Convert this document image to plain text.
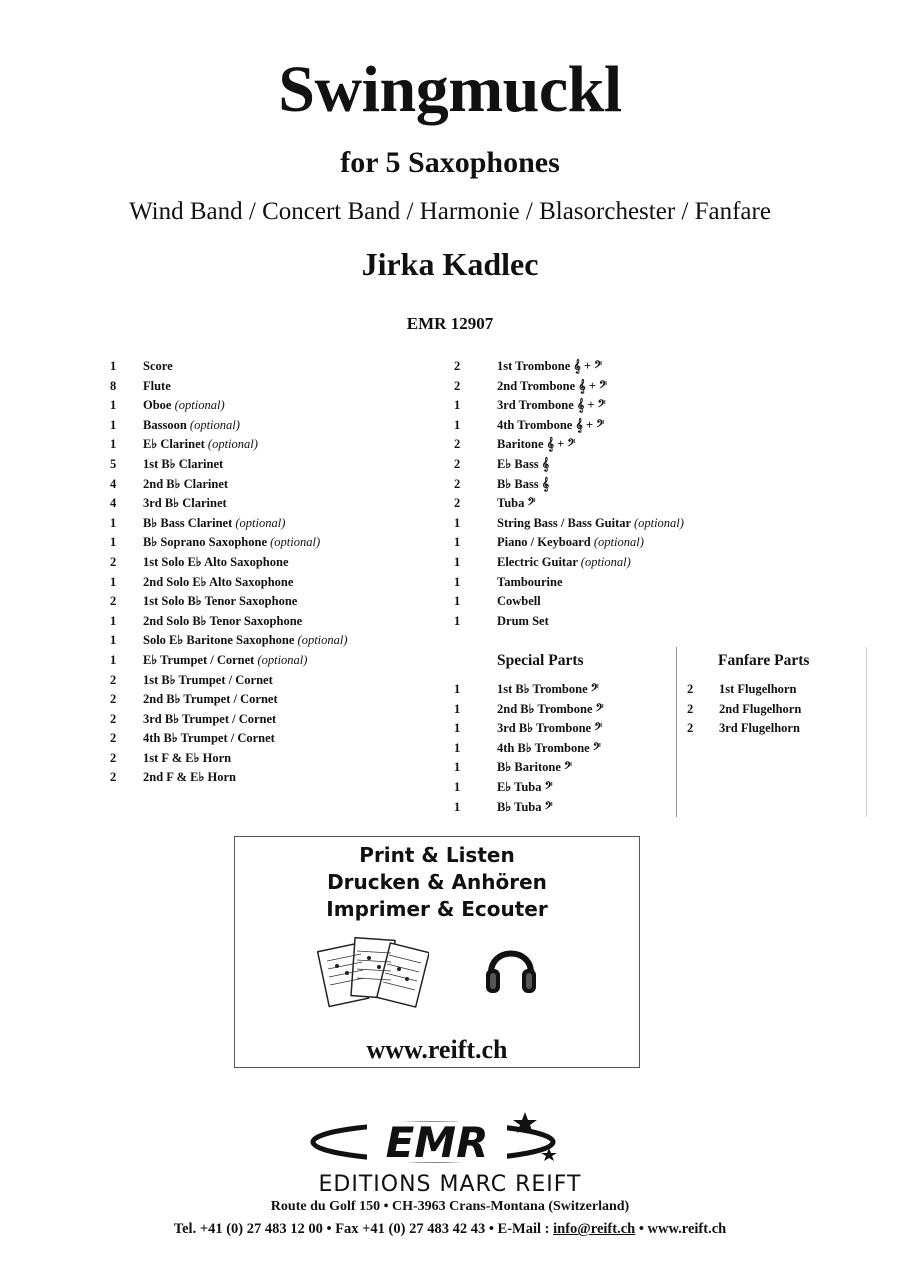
Swingmuckl
for 5 Saxophones
Wind Band / Concert Band / Harmonie / Blasorchester / Fanfare
Jirka Kadlec
EMR 12907
1 Score
8 Flute
1 Oboe (optional)
1 Bassoon (optional)
1 E♭ Clarinet (optional)
5 1st B♭ Clarinet
4 2nd B♭ Clarinet
4 3rd B♭ Clarinet
1 B♭ Bass Clarinet (optional)
1 B♭ Soprano Saxophone (optional)
2 1st Solo E♭ Alto Saxophone
1 2nd Solo E♭ Alto Saxophone
2 1st Solo B♭ Tenor Saxophone
1 2nd Solo B♭ Tenor Saxophone
1 Solo E♭ Baritone Saxophone (optional)
1 E♭ Trumpet / Cornet (optional)
2 1st B♭ Trumpet / Cornet
2 2nd B♭ Trumpet / Cornet
2 3rd B♭ Trumpet / Cornet
2 4th B♭ Trumpet / Cornet
2 1st F & E♭ Horn
2 2nd F & E♭ Horn
2	1st Trombone 𝄞 + 𝄢
2	2nd Trombone 𝄞 + 𝄢
1	3rd Trombone 𝄞 + 𝄢
1	4th Trombone 𝄞 + 𝄢
2	Baritone 𝄞 + 𝄢
2	E♭ Bass 𝄞
2	B♭ Bass 𝄞
2	Tuba 𝄢
1	String Bass / Bass Guitar (optional)
1	Piano / Keyboard (optional)
1	Electric Guitar (optional)
1	Tambourine
1	Cowbell
1	Drum Set
Special Parts	Fanfare Parts
1	1st B♭ Trombone 𝄢
1	2nd B♭ Trombone 𝄢
1	3rd B♭ Trombone 𝄢
1	4th B♭ Trombone 𝄢
1	B♭ Baritone 𝄢
1	E♭ Tuba 𝄢
1	B♭ Tuba 𝄢
2 1st Flugelhorn
2 2nd Flugelhorn
2 3rd Flugelhorn
Print & Listen
Drucken & Anhören
Imprimer & Ecouter
www.reift.ch
EMR
EDITIONS MARC REIFT
Route du Golf 150 • CH-3963 Crans-Montana (Switzerland)
Tel. +41 (0) 27 483 12 00 • Fax +41 (0) 27 483 42 43 • E-Mail : info@reift.ch • www.reift.ch
